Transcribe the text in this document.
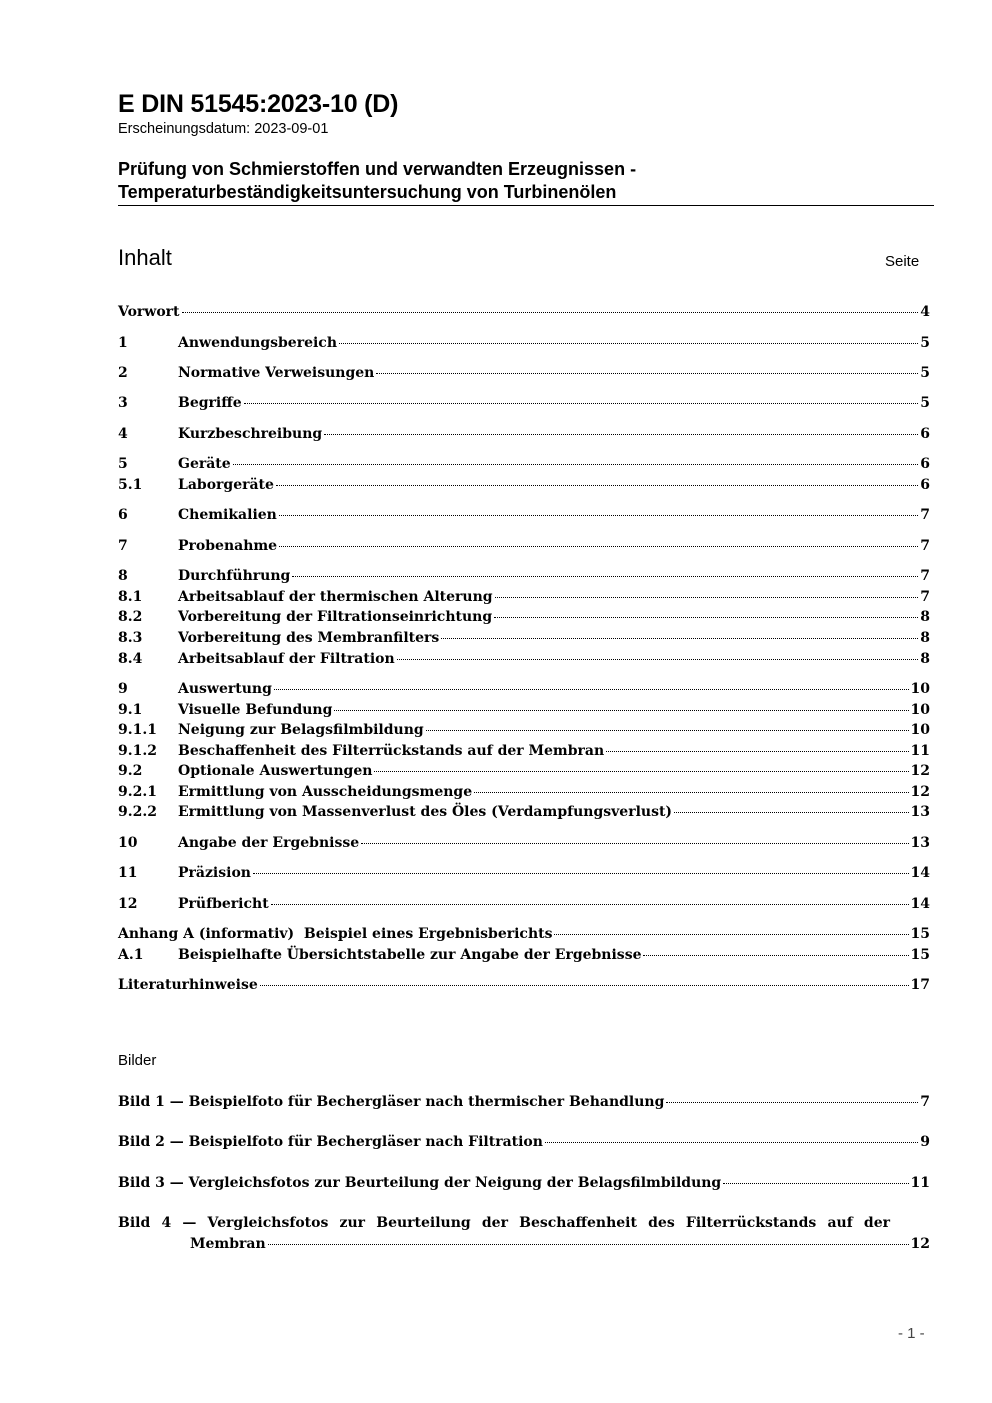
E DIN 51545:2023-10 (D)
Erscheinungsdatum: 2023-09-01
Prüfung von Schmierstoffen und verwandten Erzeugnissen -
Temperaturbeständigkeitsuntersuchung von Turbinenölen
Inhalt	Seite
Vorwort	4
1	Anwendungsbereich	5
2	Normative Verweisungen	5
3	Begriffe	5
4	Kurzbeschreibung	6
5	Geräte	6
5.1	Laborgeräte	6
6	Chemikalien	7
7	Probenahme	7
8	Durchführung	7
8.1	Arbeitsablauf der thermischen Alterung	7
8.2	Vorbereitung der Filtrationseinrichtung	8
8.3	Vorbereitung des Membranfilters	8
8.4	Arbeitsablauf der Filtration	8
9	Auswertung	10
9.1	Visuelle Befundung	10
9.1.1	Neigung zur Belagsfilmbildung	10
9.1.2	Beschaffenheit des Filterrückstands auf der Membran	11
9.2	Optionale Auswertungen	12
9.2.1	Ermittlung von Ausscheidungsmenge	12
9.2.2	Ermittlung von Massenverlust des Öles (Verdampfungsverlust)	13
10	Angabe der Ergebnisse	13
11	Präzision	14
12	Prüfbericht	14
Anhang A (informativ)  Beispiel eines Ergebnisberichts	15
A.1	Beispielhafte Übersichtstabelle zur Angabe der Ergebnisse	15
Literaturhinweise	17
Bilder
Bild 1 — Beispielfoto für Bechergläser nach thermischer Behandlung	7
Bild 2 — Beispielfoto für Bechergläser nach Filtration	9
Bild 3 — Vergleichsfotos zur Beurteilung der Neigung der Belagsfilmbildung	11
Bild 4 — Vergleichsfotos zur Beurteilung der Beschaffenheit des Filterrückstands auf der
Membran	12
- 1 -
